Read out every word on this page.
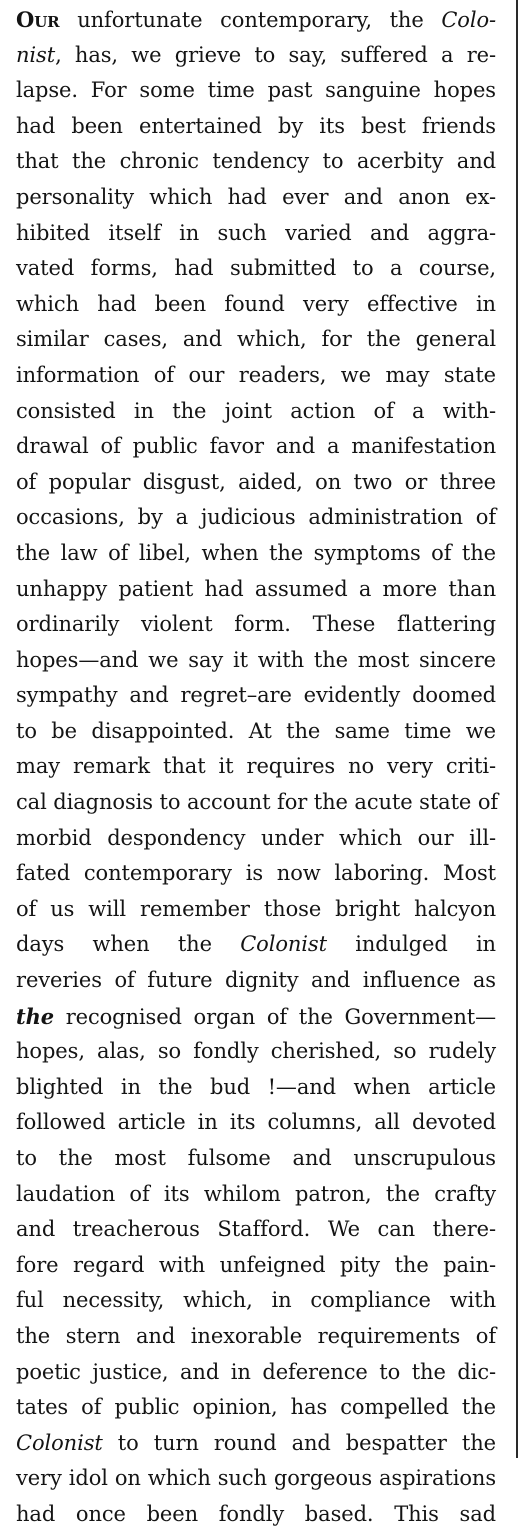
Our unfortunate contemporary, the Colo-
nist, has, we grieve to say, suffered a re-
lapse. For some time past sanguine hopes
had been entertained by its best friends
that the chronic tendency to acerbity and
personality which had ever and anon ex-
hibited itself in such varied and aggra-
vated forms, had submitted to a course,
which had been found very effective in
similar cases, and which, for the general
information of our readers, we may state
consisted in the joint action of a with-
drawal of public favor and a manifestation
of popular disgust, aided, on two or three
occasions, by a judicious administration of
the law of libel, when the symptoms of the
unhappy patient had assumed a more than
ordinarily violent form. These flattering
hopes—and we say it with the most sincere
sympathy and regret–are evidently doomed
to be disappointed. At the same time we
may remark that it requires no very criti-
cal diagnosis to account for the acute state of
morbid despondency under which our ill-
fated contemporary is now laboring. Most
of us will remember those bright halcyon
days when the Colonist indulged in
reveries of future dignity and influence as
the recognised organ of the Government—
hopes, alas, so fondly cherished, so rudely
blighted in the bud !—and when article
followed article in its columns, all devoted
to the most fulsome and unscrupulous
laudation of its whilom patron, the crafty
and treacherous Stafford. We can there-
fore regard with unfeigned pity the pain-
ful necessity, which, in compliance with
the stern and inexorable requirements of
poetic justice, and in deference to the dic-
tates of public opinion, has compelled the
Colonist to turn round and bespatter the
very idol on which such gorgeous aspirations
had once been fondly based. This sad
